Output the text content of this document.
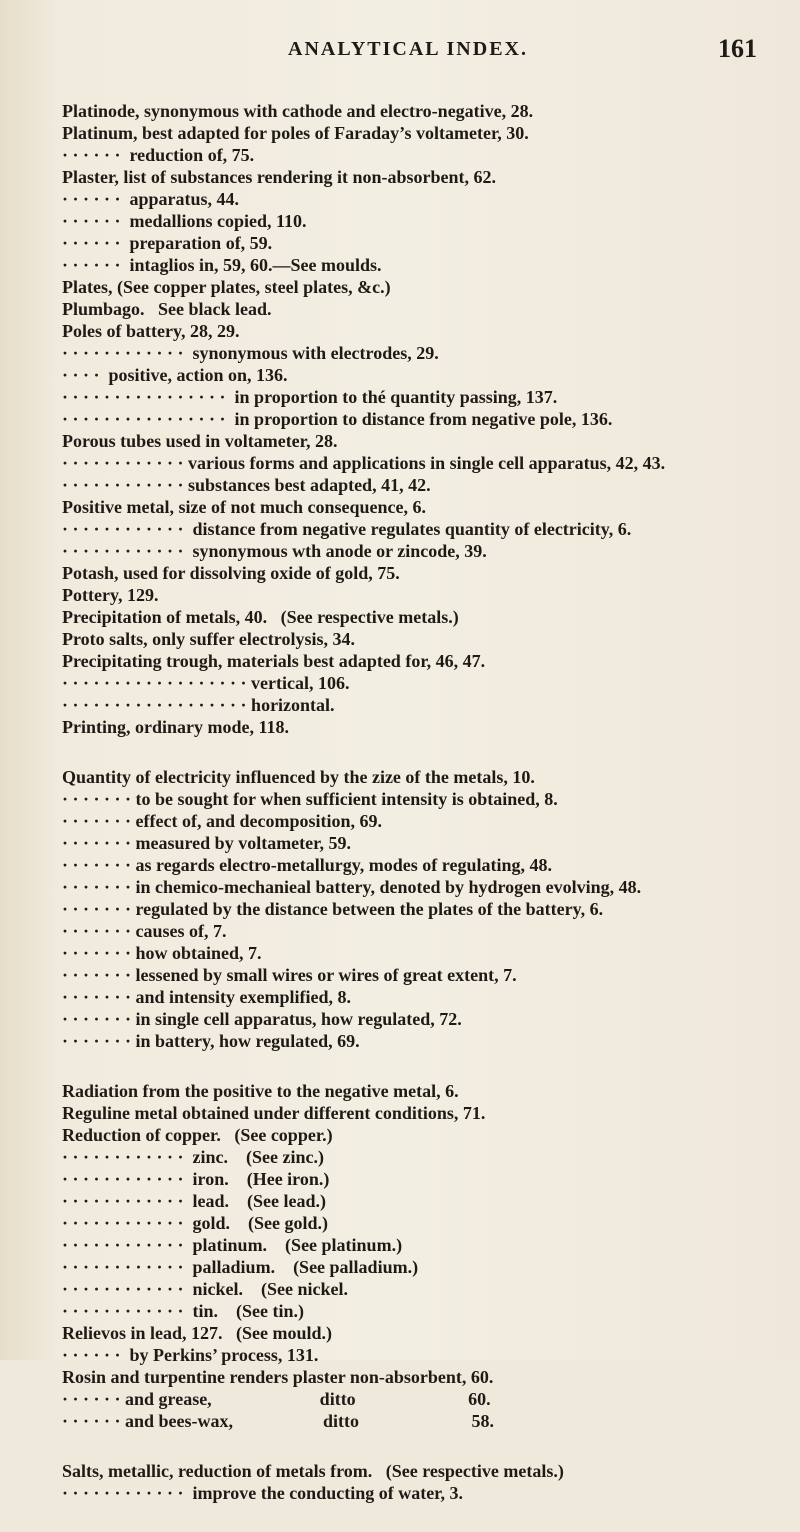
ANALYTICAL INDEX.	161
Platinode, synonymous with cathode and electro-negative, 28.
Platinum, best adapted for poles of Faraday’s voltameter, 30.
· · · · · ·  reduction of, 75.
Plaster, list of substances rendering it non-absorbent, 62.
· · · · · ·  apparatus, 44.
· · · · · ·  medallions copied, 110.
· · · · · ·  preparation of, 59.
· · · · · ·  intaglios in, 59, 60.—See moulds.
Plates, (See copper plates, steel plates, &c.)
Plumbago.   See black lead.
Poles of battery, 28, 29.
· · · · · · · · · · · ·  synonymous with electrodes, 29.
· · · ·  positive, action on, 136.
· · · · · · · · · · · · · · · ·  in proportion to thé quantity passing, 137.
· · · · · · · · · · · · · · · ·  in proportion to distance from negative pole, 136.
Porous tubes used in voltameter, 28.
· · · · · · · · · · · · various forms and applications in single cell apparatus, 42, 43.
· · · · · · · · · · · · substances best adapted, 41, 42.
Positive metal, size of not much consequence, 6.
· · · · · · · · · · · ·  distance from negative regulates quantity of electricity, 6.
· · · · · · · · · · · ·  synonymous wth anode or zincode, 39.
Potash, used for dissolving oxide of gold, 75.
Pottery, 129.
Precipitation of metals, 40.   (See respective metals.)
Proto salts, only suffer electrolysis, 34.
Precipitating trough, materials best adapted for, 46, 47.
· · · · · · · · · · · · · · · · · · vertical, 106.
· · · · · · · · · · · · · · · · · · horizontal.
Printing, ordinary mode, 118.
Quantity of electricity influenced by the zize of the metals, 10.
· · · · · · · to be sought for when sufficient intensity is obtained, 8.
· · · · · · · effect of, and decomposition, 69.
· · · · · · · measured by voltameter, 59.
· · · · · · · as regards electro-metallurgy, modes of regulating, 48.
· · · · · · · in chemico-mechanieal battery, denoted by hydrogen evolving, 48.
· · · · · · · regulated by the distance between the plates of the battery, 6.
· · · · · · · causes of, 7.
· · · · · · · how obtained, 7.
· · · · · · · lessened by small wires or wires of great extent, 7.
· · · · · · · and intensity exemplified, 8.
· · · · · · · in single cell apparatus, how regulated, 72.
· · · · · · · in battery, how regulated, 69.
Radiation from the positive to the negative metal, 6.
Reguline metal obtained under different conditions, 71.
Reduction of copper.   (See copper.)
· · · · · · · · · · · ·  zinc.    (See zinc.)
· · · · · · · · · · · ·  iron.    (Hee iron.)
· · · · · · · · · · · ·  lead.    (See lead.)
· · · · · · · · · · · ·  gold.    (See gold.)
· · · · · · · · · · · ·  platinum.    (See platinum.)
· · · · · · · · · · · ·  palladium.    (See palladium.)
· · · · · · · · · · · ·  nickel.    (See nickel.
· · · · · · · · · · · ·  tin.    (See tin.)
Relievos in lead, 127.   (See mould.)
· · · · · ·  by Perkins’ process, 131.
Rosin and turpentine renders plaster non-absorbent, 60.
· · · · · · and grease,                        ditto                         60.
· · · · · · and bees-wax,                    ditto                         58.
Salts, metallic, reduction of metals from.   (See respective metals.)
· · · · · · · · · · · ·  improve the conducting of water, 3.
